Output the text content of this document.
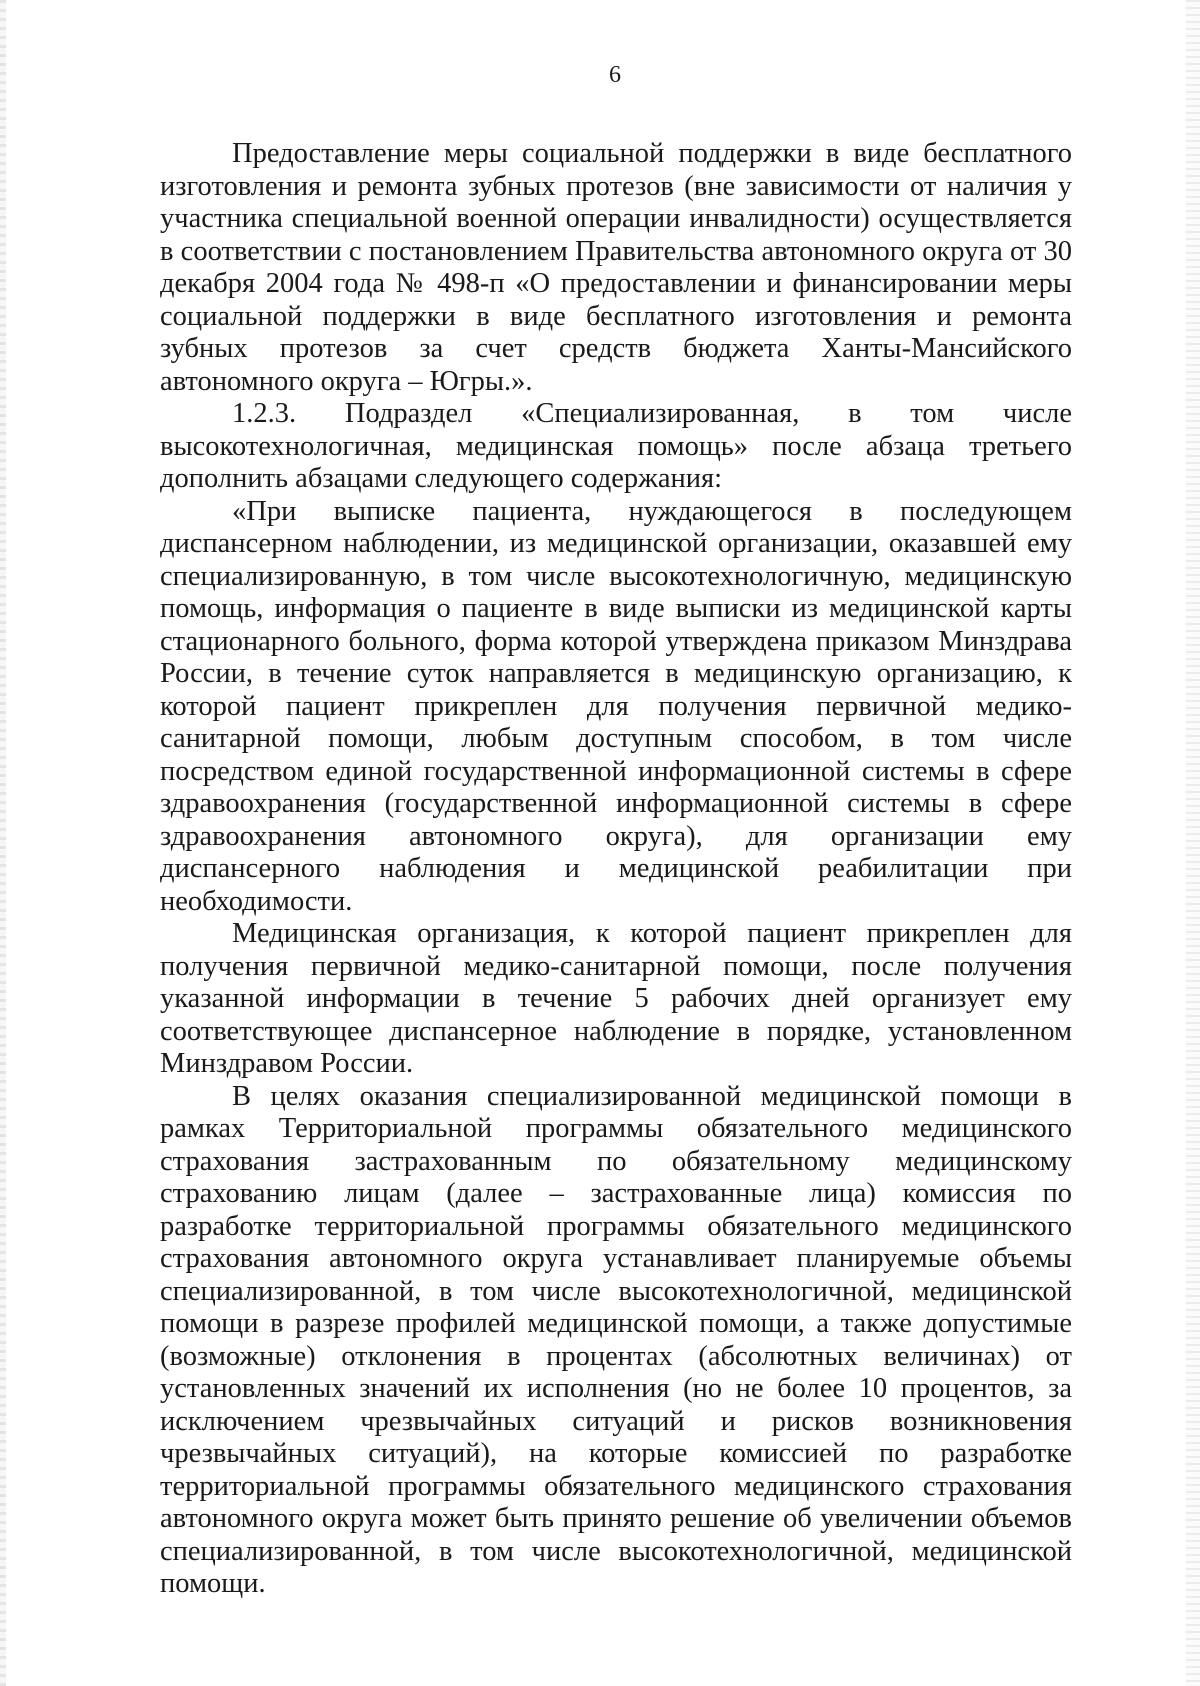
6

Предоставление меры социальной поддержки в виде бесплатного изготовления и ремонта зубных протезов (вне зависимости от наличия у участника специальной военной операции инвалидности) осуществляется в соответствии с постановлением Правительства автономного округа от 30 декабря 2004 года № 498-п «О предоставлении и финансировании меры социальной поддержки в виде бесплатного изготовления и ремонта зубных протезов за счет средств бюджета Ханты-Мансийского автономного округа – Югры.».

1.2.3. Подраздел «Специализированная, в том числе высокотехнологичная, медицинская помощь» после абзаца третьего дополнить абзацами следующего содержания:

«При выписке пациента, нуждающегося в последующем диспансерном наблюдении, из медицинской организации, оказавшей ему специализированную, в том числе высокотехнологичную, медицинскую помощь, информация о пациенте в виде выписки из медицинской карты стационарного больного, форма которой утверждена приказом Минздрава России, в течение суток направляется в медицинскую организацию, к которой пациент прикреплен для получения первичной медико-санитарной помощи, любым доступным способом, в том числе посредством единой государственной информационной системы в сфере здравоохранения (государственной информационной системы в сфере здравоохранения автономного округа), для организации ему диспансерного наблюдения и медицинской реабилитации при необходимости.

Медицинская организация, к которой пациент прикреплен для получения первичной медико-санитарной помощи, после получения указанной информации в течение 5 рабочих дней организует ему соответствующее диспансерное наблюдение в порядке, установленном Минздравом России.

В целях оказания специализированной медицинской помощи в рамках Территориальной программы обязательного медицинского страхования застрахованным по обязательному медицинскому страхованию лицам (далее – застрахованные лица) комиссия по разработке территориальной программы обязательного медицинского страхования автономного округа устанавливает планируемые объемы специализированной, в том числе высокотехнологичной, медицинской помощи в разрезе профилей медицинской помощи, а также допустимые (возможные) отклонения в процентах (абсолютных величинах) от установленных значений их исполнения (но не более 10 процентов, за исключением чрезвычайных ситуаций и рисков возникновения чрезвычайных ситуаций), на которые комиссией по разработке территориальной программы обязательного медицинского страхования автономного округа может быть принято решение об увеличении объемов специализированной, в том числе высокотехнологичной, медицинской помощи.
